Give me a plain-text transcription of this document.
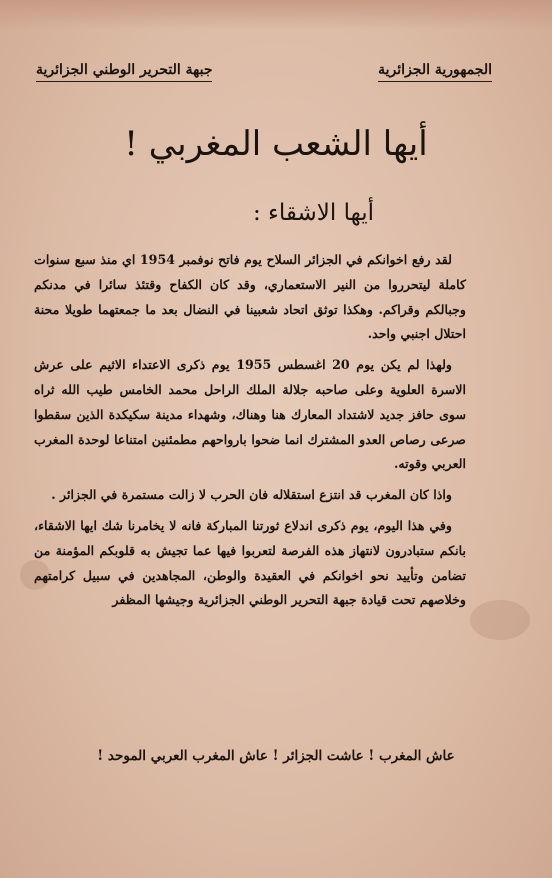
الجمهورية الجزائرية
جبهة التحرير الوطني الجزائرية
أيها الشعب المغربي !
أيها الاشقاء :

لقد رفع اخوانكم في الجزائر السلاح يوم فاتح نوفمبر 1954 اي منذ سبع سنوات كاملة ليتحرروا من النير الاستعماري، وقد كان الكفاح وقتئذ سائرا في مدنكم وجبالكم وقراكم. وهكذا توثق اتحاد شعبينا في النضال بعد ما جمعتهما طويلا محنة احتلال اجنبي واحد.

ولهذا لم يكن يوم 20 اغسطس 1955 يوم ذكرى الاعتداء الاثيم على عرش الاسرة العلوية وعلى صاحبه جلالة الملك الراحل محمد الخامس طيب الله ثراه سوى حافز جديد لاشتداد المعارك هنا وهناك، وشهداء مدينة سكيكدة الذين سقطوا صرعى رصاص العدو المشترك انما ضحوا بارواحهم مطمئنين امتناعا لوحدة المغرب العربي وقوته.

واذا كان المغرب قد انتزع استقلاله فان الحرب لا زالت مستمرة في الجزائر .

وفي هذا اليوم، يوم ذكرى اندلاع ثورتنا المباركة فانه لا يخامرنا شك ايها الاشقاء، بانكم ستبادرون لانتهاز هذه الفرصة لتعربوا فيها عما تجيش به قلوبكم المؤمنة من تضامن وتأييد نحو اخوانكم في العقيدة والوطن، المجاهدين في سبيل كرامتهم وخلاصهم تحت قيادة جبهة التحرير الوطني الجزائرية وجيشها المظفر

عاش المغرب ! عاشت الجزائر ! عاش المغرب العربي الموحد !
